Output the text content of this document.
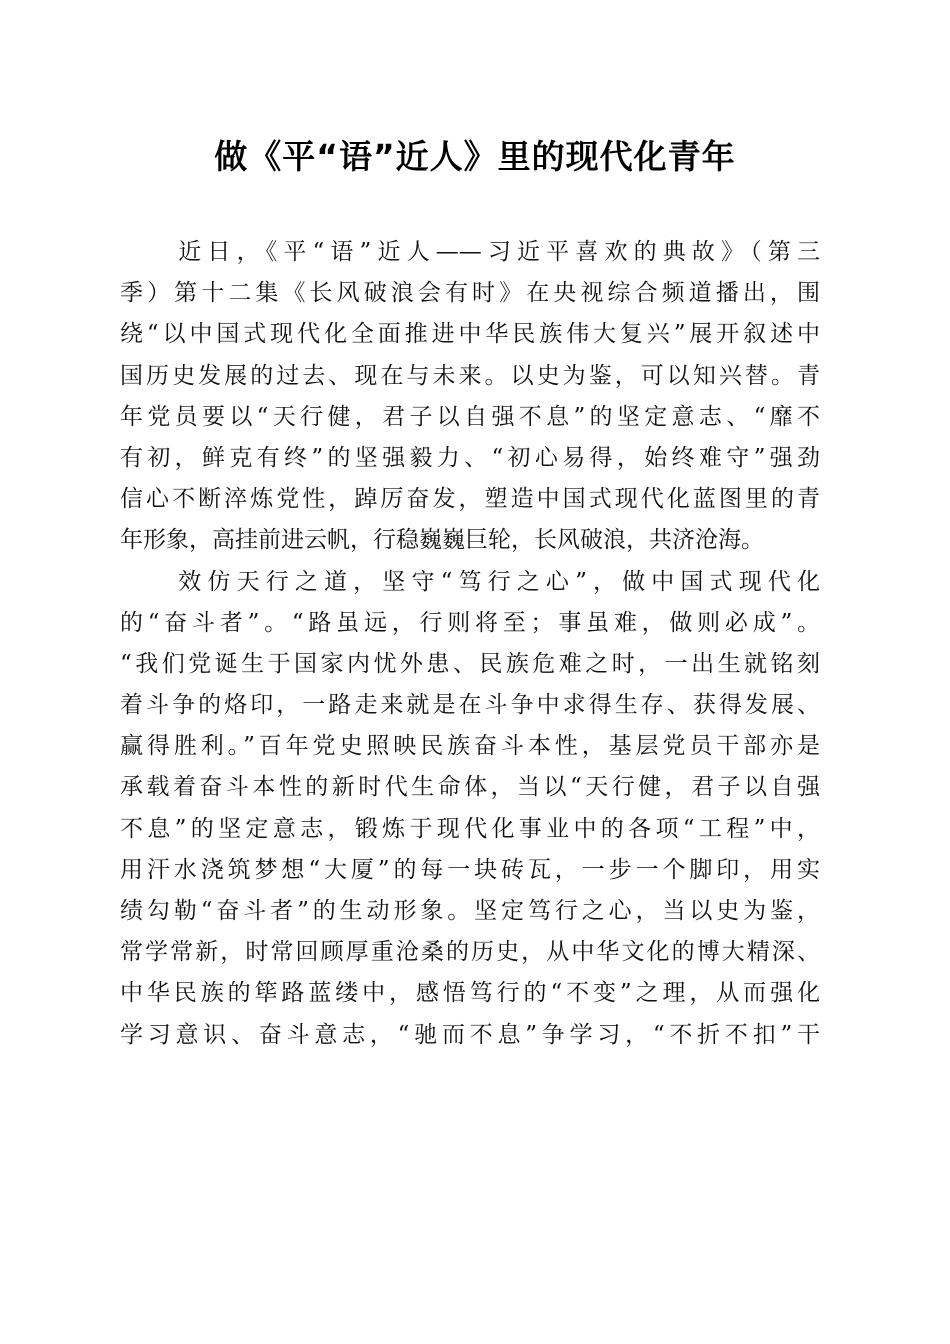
做《平“语”近人》里的现代化青年
　　近日，《平“语”近人——习近平喜欢的典故》（第三
季）第十二集《长风破浪会有时》在央视综合频道播出，围
绕“以中国式现代化全面推进中华民族伟大复兴”展开叙述中
国历史发展的过去、现在与未来。以史为鉴，可以知兴替。青
年党员要以“天行健，君子以自强不息”的坚定意志、“靡不
有初，鲜克有终”的坚强毅力、“初心易得，始终难守”强劲
信心不断淬炼党性，踔厉奋发，塑造中国式现代化蓝图里的青
年形象，高挂前进云帆，行稳巍巍巨轮，长风破浪，共济沧海。
　　效仿天行之道，坚守“笃行之心”，做中国式现代化
的“奋斗者”。“路虽远，行则将至；事虽难，做则必成”。
“我们党诞生于国家内忧外患、民族危难之时，一出生就铭刻
着斗争的烙印，一路走来就是在斗争中求得生存、获得发展、
赢得胜利。”百年党史照映民族奋斗本性，基层党员干部亦是
承载着奋斗本性的新时代生命体，当以“天行健，君子以自强
不息”的坚定意志，锻炼于现代化事业中的各项“工程”中，
用汗水浇筑梦想“大厦”的每一块砖瓦，一步一个脚印，用实
绩勾勒“奋斗者”的生动形象。坚定笃行之心，当以史为鉴，
常学常新，时常回顾厚重沧桑的历史，从中华文化的博大精深、
中华民族的筚路蓝缕中，感悟笃行的“不变”之理，从而强化
学习意识、奋斗意志，“驰而不息”争学习，“不折不扣”干
